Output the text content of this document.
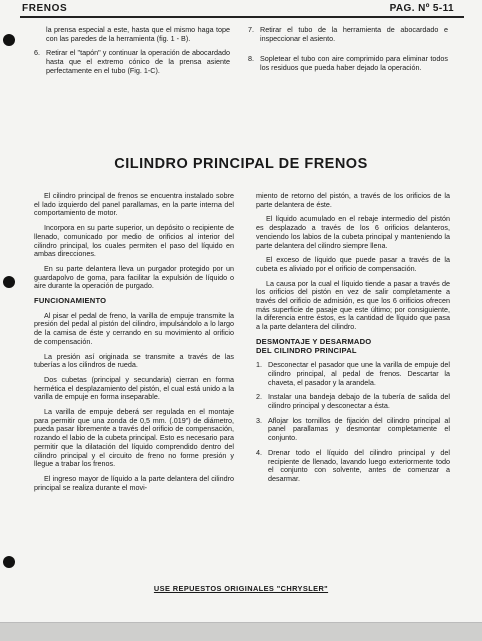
FRENOS	PAG. Nº 5-11
la prensa especial a este, hasta que el mismo haga tope con las paredes de la herramienta (fig. 1 - B).
6. Retirar el "tapón" y continuar la operación de abocardado hasta que el extremo cónico de la prensa asiente perfectamente en el tubo (Fig. 1-C).
7. Retirar el tubo de la herramienta de abocardado e inspeccionar el asiento.
8. Sopletear el tubo con aire comprimido para eliminar todos los residuos que pueda haber dejado la operación.
CILINDRO PRINCIPAL DE FRENOS

El cilindro principal de frenos se encuentra instalado sobre el lado izquierdo del panel parallamas, en la parte interna del comportamiento de motor.

Incorpora en su parte superior, un depósito o recipiente de llenado, comunicado por medio de orificios al interior del cilindro principal, los cuales permiten el paso del líquido en ambas direcciones.

En su parte delantera lleva un purgador protegido por un guardapolvo de goma, para facilitar la expulsión de líquido o aire durante la operación de purgado.

FUNCIONAMIENTO

Al pisar el pedal de freno, la varilla de empuje transmite la presión del pedal al pistón del cilindro, impulsándolo a lo largo de la camisa de éste y cerrando en su movimiento al orificio de compensación.

La presión así originada se transmite a través de las tuberías a los cilindros de rueda.

Dos cubetas (principal y secundaria) cierran en forma hermética el desplazamiento del pistón, el cual está unido a la varilla de empuje en forma inseparable.

La varilla de empuje deberá ser regulada en el montaje para permitir que una zonda de 0,5 mm. (.019") de diámetro, pueda pasar libremente a través del orificio de compensación, rozando el labio de la cubeta principal. Esto es necesario para permitir que la dilatación del líquido comprendido dentro del cilindro principal y el circuito de freno no forme presión y llegue a trabar los frenos.

El ingreso mayor de líquido a la parte delantera del cilindro principal se realiza durante el movi-

miento de retorno del pistón, a través de los orificios de la parte delantera de éste.

El líquido acumulado en el rebaje intermedio del pistón es desplazado a través de los 6 orificios delanteros, venciendo los labios de la cubeta principal y manteniendo la parte delantera del cilindro siempre llena.

El exceso de líquido que puede pasar a través de la cubeta es aliviado por el orificio de compensación.

La causa por la cual el líquido tiende a pasar a través de los orificios del pistón en vez de salir completamente a través del orificio de admisión, es que los 6 orificios ofrecen más superficie de pasaje que este último; por consiguiente, la diferencia entre éstos, es la cantidad de líquido que pasa a la parte delantera del cilindro.

DESMONTAJE Y DESARMADO
DEL CILINDRO PRINCIPAL
1. Desconectar el pasador que une la varilla de empuje del cilindro principal, al pedal de frenos. Descartar la chaveta, el pasador y la arandela.
2. Instalar una bandeja debajo de la tubería de salida del cilindro principal y desconectar a ésta.
3. Aflojar los tornillos de fijación del cilindro principal al panel parallamas y desmontar completamente el conjunto.
4. Drenar todo el líquido del cilindro principal y del recipiente de llenado, lavando luego exteriormente todo el conjunto con solvente, antes de comenzar a desarmar.
USE REPUESTOS ORIGINALES "CHRYSLER"
